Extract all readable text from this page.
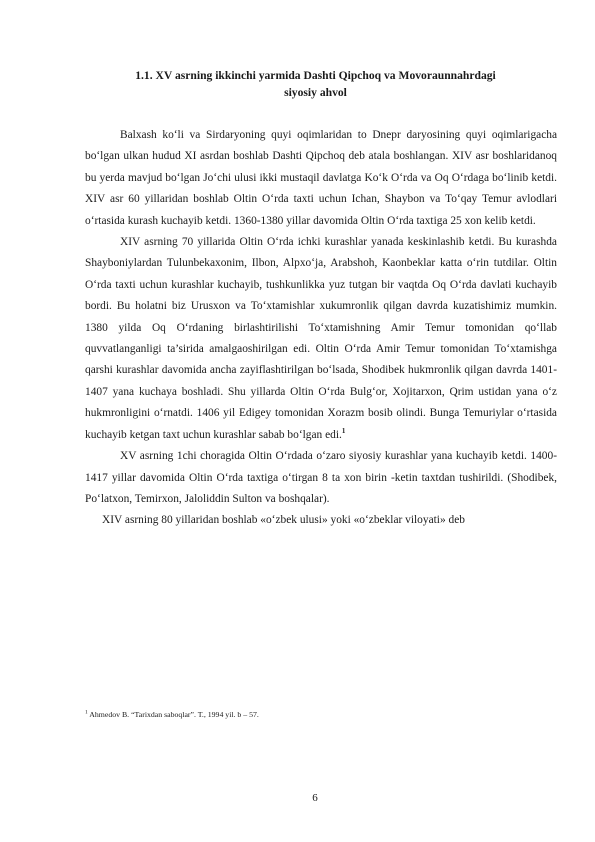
1.1. XV asrning ikkinchi yarmida Dashti Qipchoq va Movoraunnahrdagi
siyosiy ahvol

Balxash ko‘li va Sirdaryoning quyi oqimlaridan to Dnepr daryosining quyi oqimlarigacha bo‘lgan ulkan hudud XI asrdan boshlab Dashti Qipchoq deb atala boshlangan. XIV asr boshlaridanoq bu yerda mavjud bo‘lgan Jo‘chi ulusi ikki mustaqil davlatga Ko‘k O‘rda va Oq O‘rdaga bo‘linib ketdi. XIV asr 60 yillaridan boshlab Oltin O‘rda taxti uchun Ichan, Shaybon va To‘qay Temur avlodlari o‘rtasida kurash kuchayib ketdi. 1360-1380 yillar davomida Oltin O‘rda taxtiga 25 xon kelib ketdi.

XIV asrning 70 yillarida Oltin O‘rda ichki kurashlar yanada keskinlashib ketdi. Bu kurashda Shayboniylardan Tulunbekaxonim, Ilbon, Alpxo‘ja, Arabshoh, Kaonbeklar katta o‘rin tutdilar. Oltin O‘rda taxti uchun kurashlar kuchayib, tushkunlikka yuz tutgan bir vaqtda Oq O‘rda davlati kuchayib bordi. Bu holatni biz Urusxon va To‘xtamishlar xukumronlik qilgan davrda kuzatishimiz mumkin. 1380 yilda Oq O‘rdaning birlashtirilishi To‘xtamishning Amir Temur tomonidan qo‘llab quvvatlanganligi ta’sirida amalgaoshirilgan edi. Oltin O‘rda Amir Temur tomonidan To‘xtamishga qarshi kurashlar davomida ancha zayiflashtirilgan bo‘lsada, Shodibek hukmronlik qilgan davrda 1401-1407 yana kuchaya boshladi. Shu yillarda Oltin O‘rda Bulg‘or, Xojitarxon, Qrim ustidan yana o‘z hukmronligini o‘rnatdi. 1406 yil Edigey tomonidan Xorazm bosib olindi. Bunga Temuriylar o‘rtasida kuchayib ketgan taxt uchun kurashlar sabab bo‘lgan edi.$^1$

XV asrning 1chi choragida Oltin O‘rdada o‘zaro siyosiy kurashlar yana kuchayib ketdi. 1400-1417 yillar davomida Oltin O‘rda taxtiga o‘tirgan 8 ta xon birin -ketin taxtdan tushirildi. (Shodibek, Po‘latxon, Temirxon, Jaloliddin Sulton va boshqalar).

XIV asrning 80 yillaridan boshlab «o‘zbek ulusi» yoki «o‘zbeklar viloyati» deb

$^1$ Ahmedov B. “Tarixdan saboqlar”. T., 1994 yil. b – 57.
6
